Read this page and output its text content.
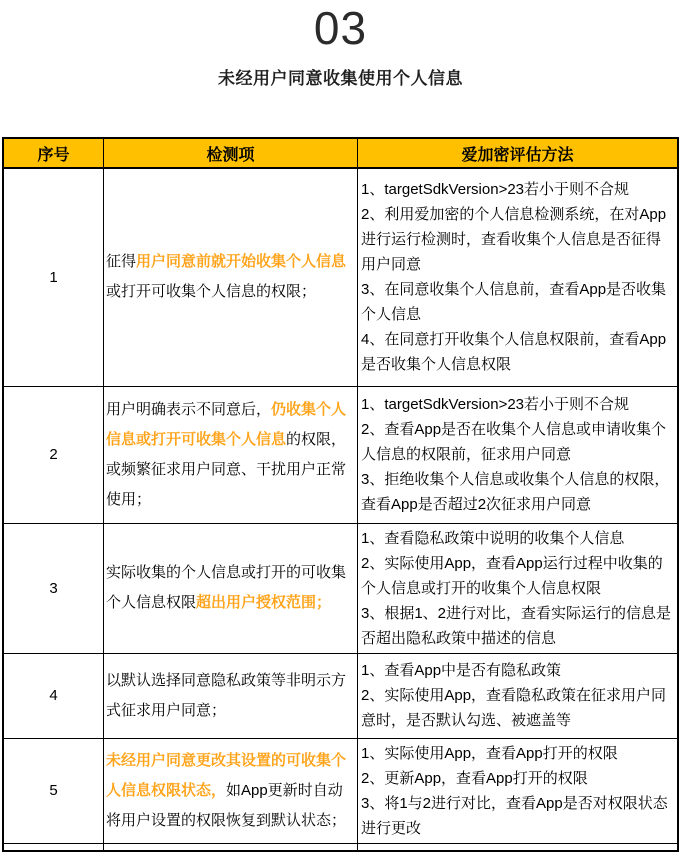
03
未经用户同意收集使用个人信息
序号	检测项	爱加密评估方法
1	征得用户同意前就开始收集个人信息或打开可收集个人信息的权限；	1、targetSdkVersion>23若小于则不合规
2、利用爱加密的个人信息检测系统，在对App进行运行检测时，查看收集个人信息是否征得用户同意
3、在同意收集个人信息前，查看App是否收集个人信息
4、在同意打开收集个人信息权限前，查看App是否收集个人信息权限

2	用户明确表示不同意后，仍收集个人信息或打开可收集个人信息的权限，或频繁征求用户同意、干扰用户正常使用；	1、targetSdkVersion>23若小于则不合规
2、查看App是否在收集个人信息或申请收集个人信息的权限前，征求用户同意
3、拒绝收集个人信息或收集个人信息的权限，查看App是否超过2次征求用户同意

3	实际收集的个人信息或打开的可收集个人信息权限超出用户授权范围；	1、查看隐私政策中说明的收集个人信息
2、实际使用App，查看App运行过程中收集的个人信息或打开的收集个人信息权限
3、根据1、2进行对比，查看实际运行的信息是否超出隐私政策中描述的信息

4	以默认选择同意隐私政策等非明示方式征求用户同意；	1、查看App中是否有隐私政策
2、实际使用App，查看隐私政策在征求用户同意时，是否默认勾选、被遮盖等

5	未经用户同意更改其设置的可收集个人信息权限状态，如App更新时自动将用户设置的权限恢复到默认状态；	1、实际使用App，查看App打开的权限
2、更新App，查看App打开的权限
3、将1与2进行对比，查看App是否对权限状态进行更改
